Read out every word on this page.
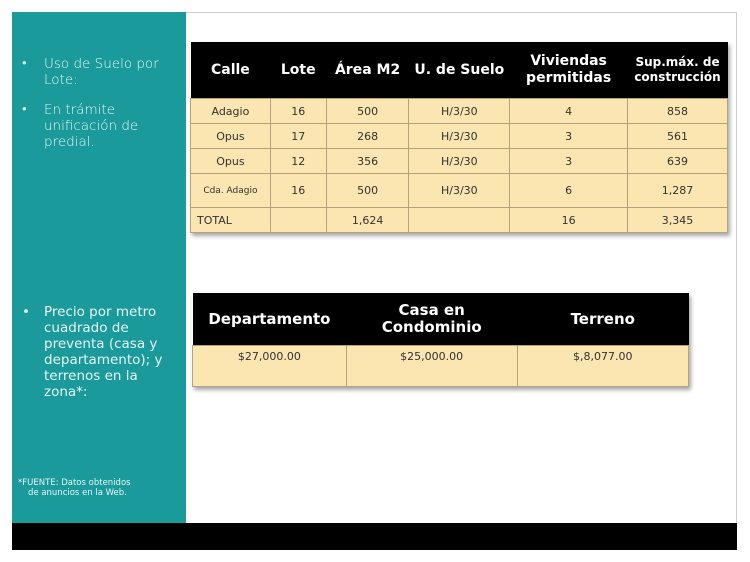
• Uso de Suelo por Lote:
• En trámite unificación de predial.
• Precio por metro cuadrado de preventa (casa y departamento); y terrenos en la zona*:
*FUENTE: Datos obtenidos
de anuncios en la Web.
Calle	Lote	Área M2	U. de Suelo	Viviendas permitidas	Sup.máx. de construcción
Adagio	16	500	H/3/30	4	858
Opus	17	268	H/3/30	3	561
Opus	12	356	H/3/30	3	639
Cda. Adagio	16	500	H/3/30	6	1,287
TOTAL		1,624		16	3,345
Departamento	Casa en Condominio	Terreno
$27,000.00	$25,000.00	$,8,077.00
